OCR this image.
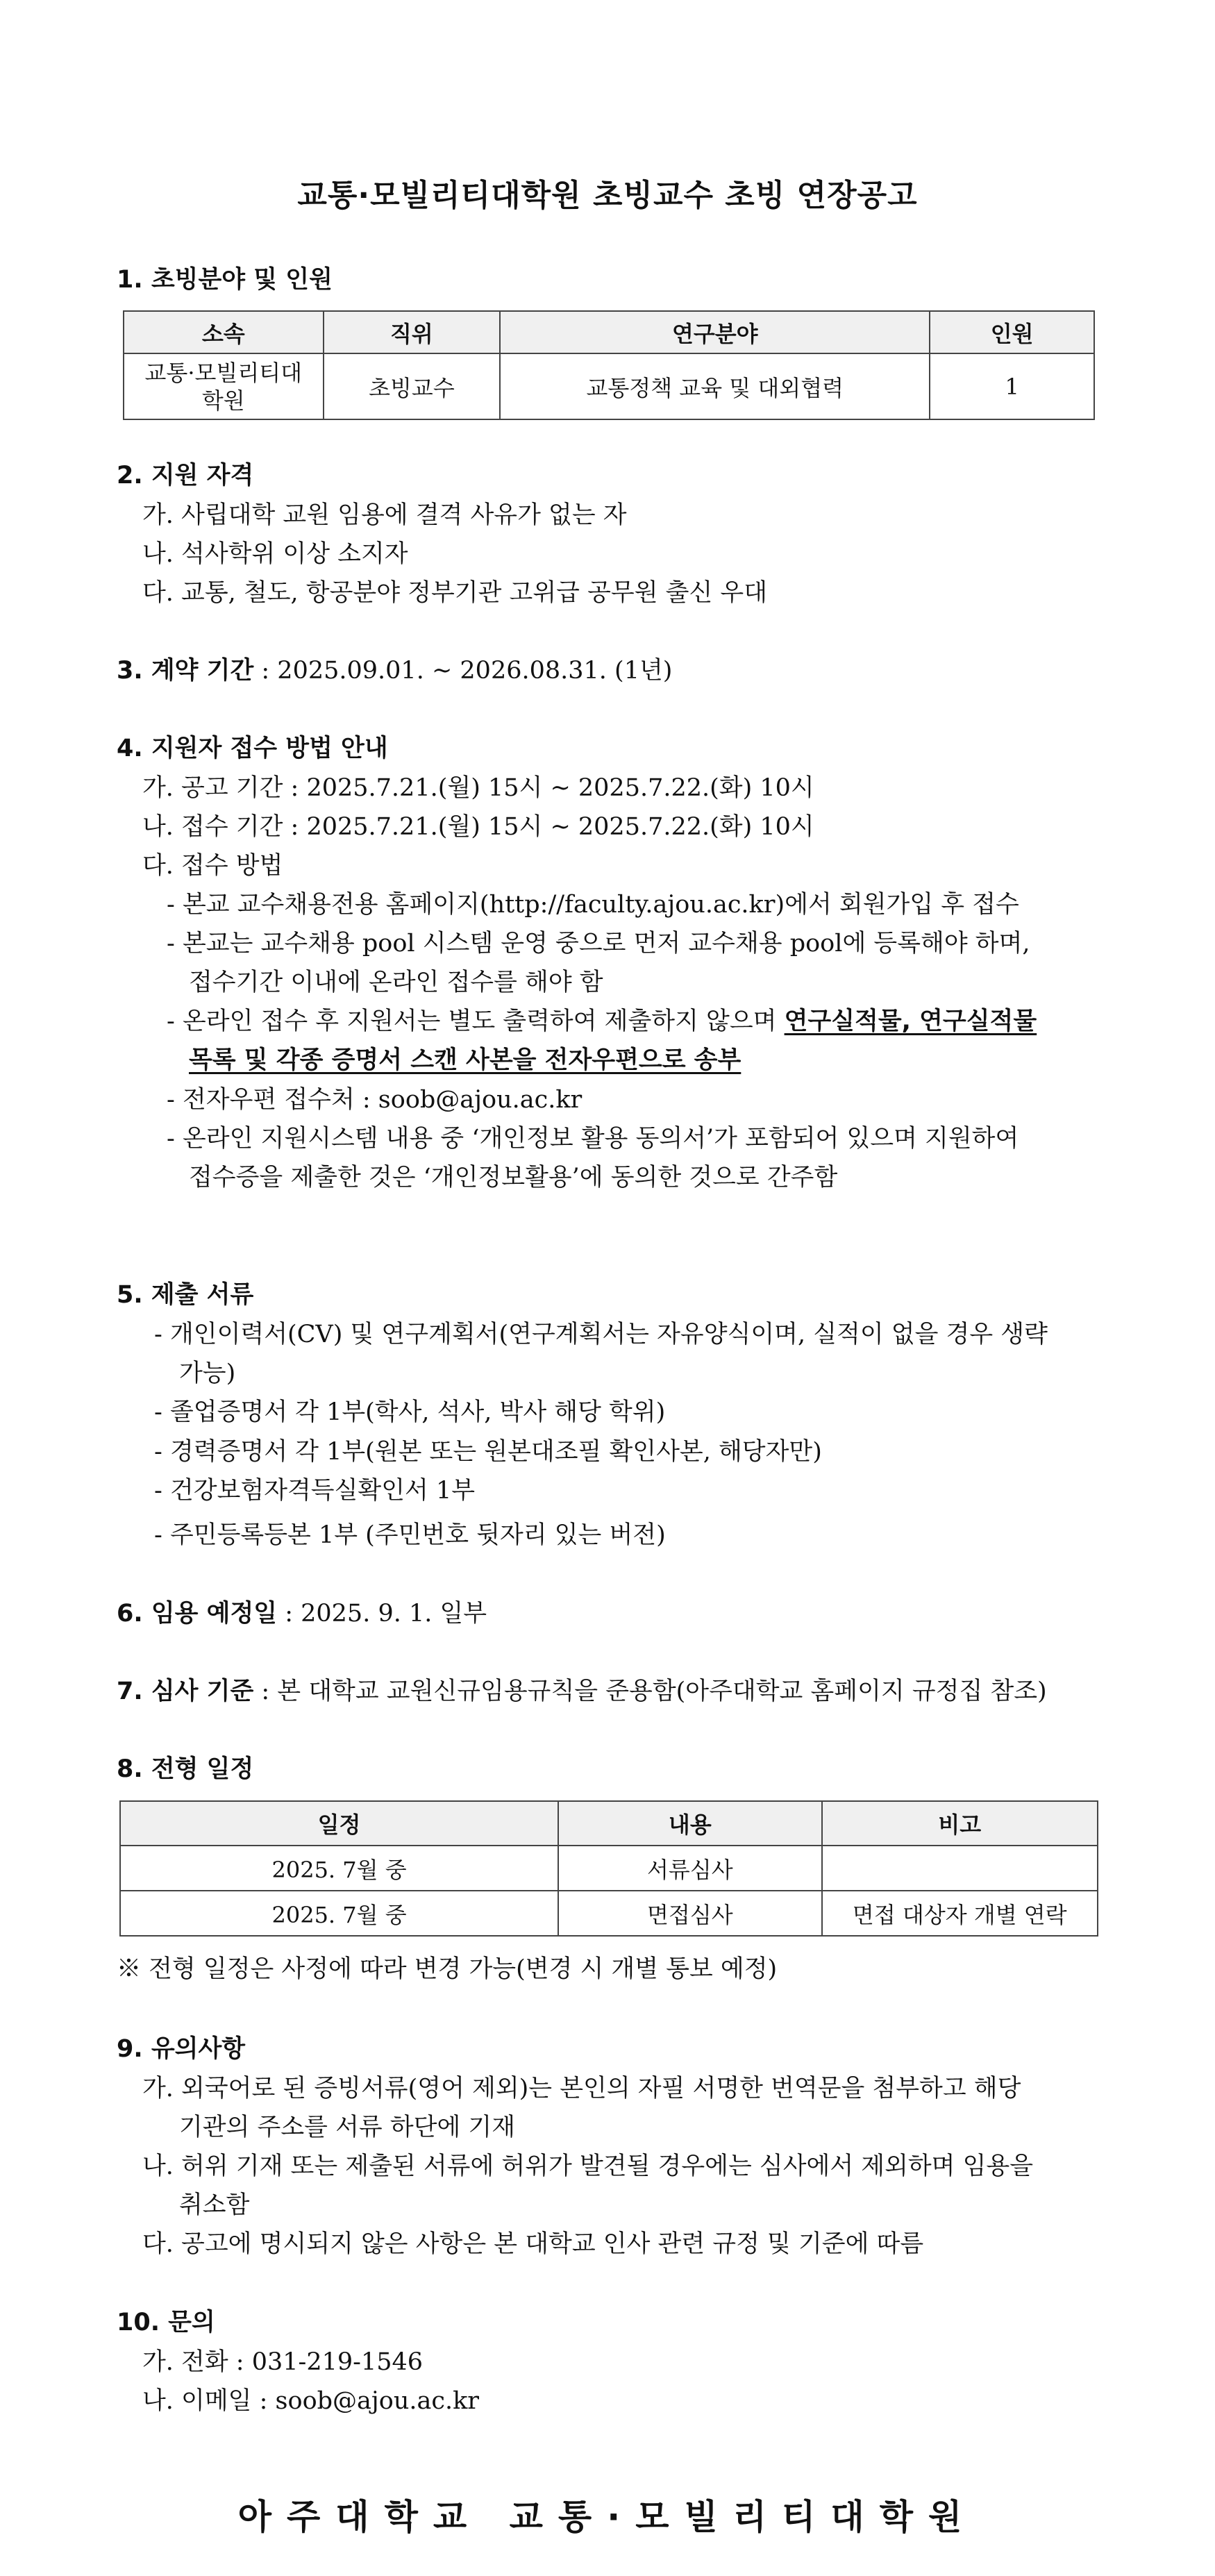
교통·모빌리티대학원 초빙교수 초빙 연장공고
1. 초빙분야 및 인원
소속	직위	연구분야	인원
교통·모빌리티대
학원	초빙교수	교통정책 교육 및 대외협력	1
2. 지원 자격
가. 사립대학 교원 임용에 결격 사유가 없는 자
나. 석사학위 이상 소지자
다. 교통, 철도, 항공분야 정부기관 고위급 공무원 출신 우대
3. 계약 기간 : 2025.09.01. ~ 2026.08.31. (1년)
4. 지원자 접수 방법 안내
가. 공고 기간 : 2025.7.21.(월) 15시 ~ 2025.7.22.(화) 10시
나. 접수 기간 : 2025.7.21.(월) 15시 ~ 2025.7.22.(화) 10시
다. 접수 방법
- 본교 교수채용전용 홈페이지(http://faculty.ajou.ac.kr)에서 회원가입 후 접수
- 본교는 교수채용 pool 시스템 운영 중으로 먼저 교수채용 pool에 등록해야 하며,
접수기간 이내에 온라인 접수를 해야 함
- 온라인 접수 후 지원서는 별도 출력하여 제출하지 않으며 연구실적물, 연구실적물
목록 및 각종 증명서 스캔 사본을 전자우편으로 송부
- 전자우편 접수처 : soob@ajou.ac.kr
- 온라인 지원시스템 내용 중 ‘개인정보 활용 동의서’가 포함되어 있으며 지원하여
접수증을 제출한 것은 ‘개인정보활용’에 동의한 것으로 간주함
5. 제출 서류
- 개인이력서(CV) 및 연구계획서(연구계획서는 자유양식이며, 실적이 없을 경우 생략
가능)
- 졸업증명서 각 1부(학사, 석사, 박사 해당 학위)
- 경력증명서 각 1부(원본 또는 원본대조필 확인사본, 해당자만)
- 건강보험자격득실확인서 1부
- 주민등록등본 1부 (주민번호 뒷자리 있는 버전)
6. 임용 예정일 : 2025. 9. 1. 일부
7. 심사 기준 : 본 대학교 교원신규임용규칙을 준용함(아주대학교 홈페이지 규정집 참조)
8. 전형 일정
일정	내용	비고
2025. 7월 중	서류심사	
2025. 7월 중	면접심사	면접 대상자 개별 연락
※ 전형 일정은 사정에 따라 변경 가능(변경 시 개별 통보 예정)
9. 유의사항
가. 외국어로 된 증빙서류(영어 제외)는 본인의 자필 서명한 번역문을 첨부하고 해당
기관의 주소를 서류 하단에 기재
나. 허위 기재 또는 제출된 서류에 허위가 발견될 경우에는 심사에서 제외하며 임용을
취소함
다. 공고에 명시되지 않은 사항은 본 대학교 인사 관련 규정 및 기준에 따름
10. 문의
가. 전화 : 031-219-1546
나. 이메일 : soob@ajou.ac.kr
아주대학교 교통·모빌리티대학원
